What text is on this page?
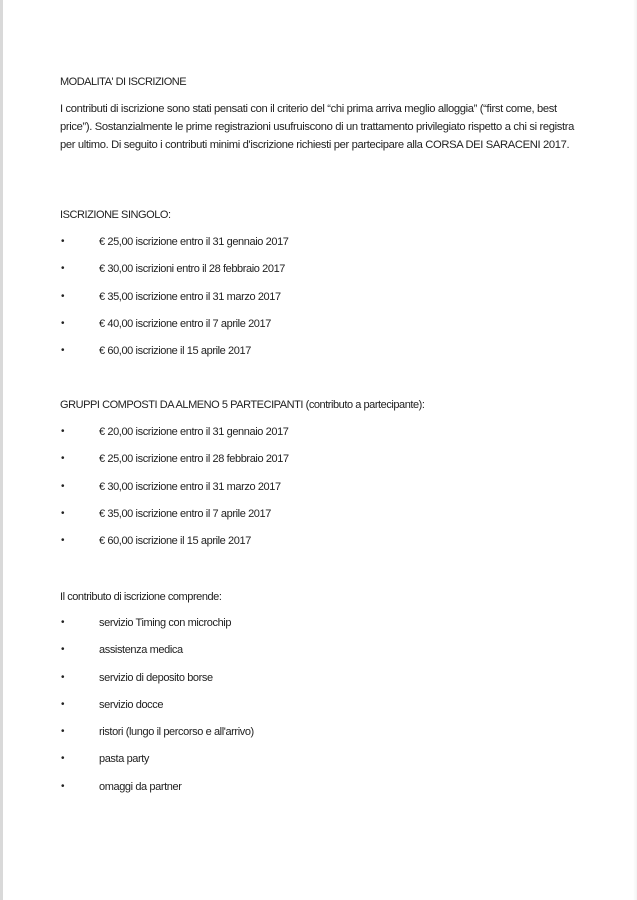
MODALITA' DI ISCRIZIONE
I contributi di iscrizione sono stati pensati con il criterio del “chi prima arriva meglio alloggia” (“first come, best price”). Sostanzialmente le prime registrazioni usufruiscono di un trattamento privilegiato rispetto a chi si registra per ultimo. Di seguito i contributi minimi d'iscrizione richiesti per partecipare alla CORSA DEI SARACENI 2017.
ISCRIZIONE SINGOLO:
•	€ 25,00 iscrizione entro il 31 gennaio 2017
•	€ 30,00 iscrizioni entro il 28 febbraio 2017
•	€ 35,00 iscrizione entro il 31 marzo 2017
•	€ 40,00 iscrizione entro il 7 aprile 2017
•	€ 60,00 iscrizione il 15 aprile 2017
GRUPPI COMPOSTI DA ALMENO 5 PARTECIPANTI (contributo a partecipante):
•	€ 20,00 iscrizione entro il 31 gennaio 2017
•	€ 25,00 iscrizione entro il 28 febbraio 2017
•	€ 30,00 iscrizione entro il 31 marzo 2017
•	€ 35,00 iscrizione entro il 7 aprile 2017
•	€ 60,00 iscrizione il 15 aprile 2017
Il contributo di iscrizione comprende:
•	servizio Timing con microchip
•	assistenza medica
•	servizio di deposito borse
•	servizio docce
•	ristori (lungo il percorso e all'arrivo)
•	pasta party
•	omaggi da partner
